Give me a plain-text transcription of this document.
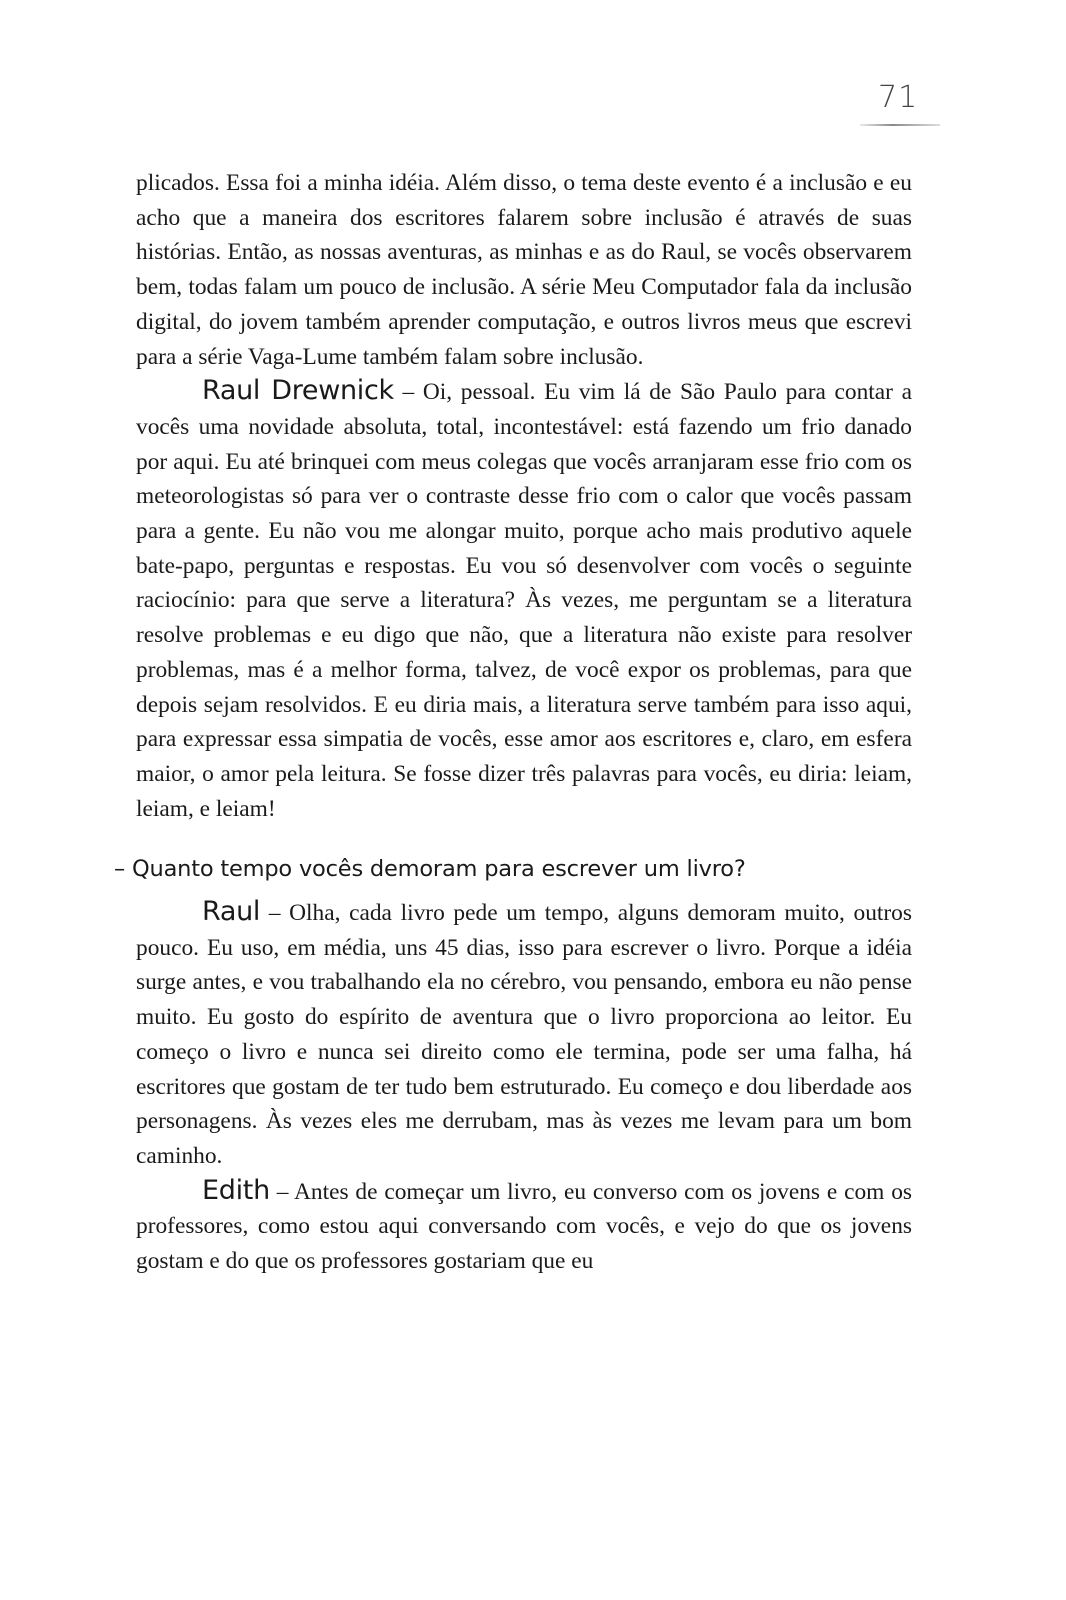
71

plicados. Essa foi a minha idéia. Além disso, o tema deste evento é a inclusão e eu acho que a maneira dos escritores falarem sobre inclusão é através de suas histórias. Então, as nossas aventuras, as minhas e as do Raul, se vocês observarem bem, todas falam um pouco de inclusão. A série Meu Computador fala da inclusão digital, do jovem também aprender computação, e outros livros meus que escrevi para a série Vaga-Lume também falam sobre inclusão.

Raul Drewnick – Oi, pessoal. Eu vim lá de São Paulo para contar a vocês uma novidade absoluta, total, incontestável: está fazendo um frio danado por aqui. Eu até brinquei com meus colegas que vocês arranjaram esse frio com os meteorologistas só para ver o contraste desse frio com o calor que vocês passam para a gente. Eu não vou me alongar muito, porque acho mais produtivo aquele bate-papo, perguntas e respostas. Eu vou só desenvolver com vocês o seguinte raciocínio: para que serve a literatura? Às vezes, me perguntam se a literatura resolve problemas e eu digo que não, que a literatura não existe para resolver problemas, mas é a melhor forma, talvez, de você expor os problemas, para que depois sejam resolvidos. E eu diria mais, a literatura serve também para isso aqui, para expressar essa simpatia de vocês, esse amor aos escritores e, claro, em esfera maior, o amor pela leitura. Se fosse dizer três palavras para vocês, eu diria: leiam, leiam, e leiam!

– Quanto tempo vocês demoram para escrever um livro?

Raul – Olha, cada livro pede um tempo, alguns demoram muito, outros pouco. Eu uso, em média, uns 45 dias, isso para escrever o livro. Porque a idéia surge antes, e vou trabalhando ela no cérebro, vou pensando, embora eu não pense muito. Eu gosto do espírito de aventura que o livro proporciona ao leitor. Eu começo o livro e nunca sei direito como ele termina, pode ser uma falha, há escritores que gostam de ter tudo bem estruturado. Eu começo e dou liberdade aos personagens. Às vezes eles me derrubam, mas às vezes me levam para um bom caminho.

Edith – Antes de começar um livro, eu converso com os jovens e com os professores, como estou aqui conversando com vocês, e vejo do que os jovens gostam e do que os professores gostariam que eu
